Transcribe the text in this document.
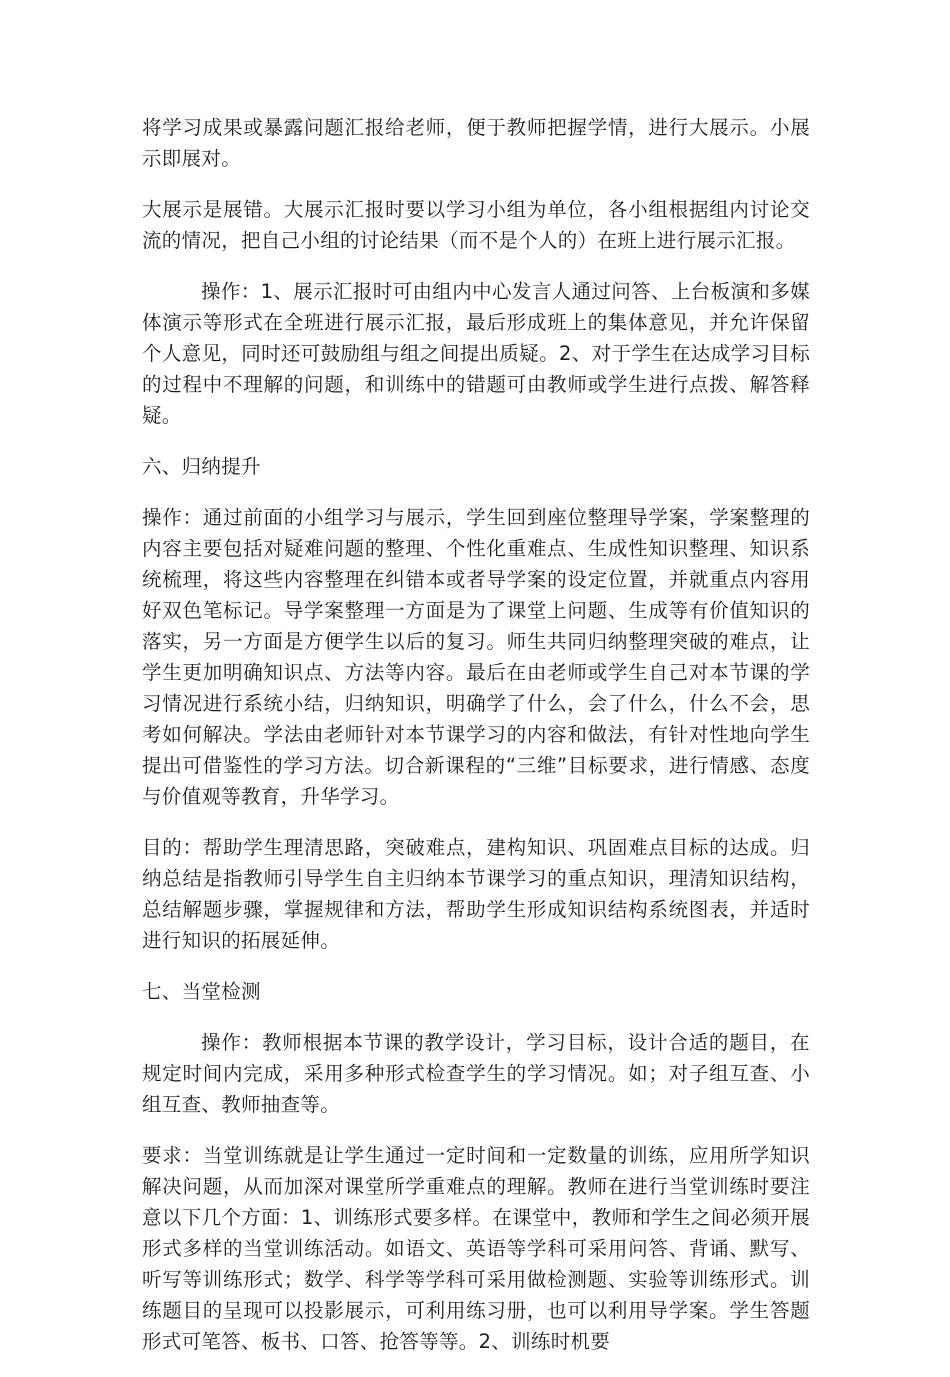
将学习成果或暴露问题汇报给老师，便于教师把握学情，进行大展示。小展示即展对。

大展示是展错。大展示汇报时要以学习小组为单位，各小组根据组内讨论交流的情况，把自己小组的讨论结果（而不是个人的）在班上进行展示汇报。

操作：1、展示汇报时可由组内中心发言人通过问答、上台板演和多媒体演示等形式在全班进行展示汇报，最后形成班上的集体意见，并允许保留个人意见，同时还可鼓励组与组之间提出质疑。2、对于学生在达成学习目标的过程中不理解的问题，和训练中的错题可由教师或学生进行点拨、解答释疑。

六、归纳提升

操作：通过前面的小组学习与展示，学生回到座位整理导学案，学案整理的内容主要包括对疑难问题的整理、个性化重难点、生成性知识整理、知识系统梳理，将这些内容整理在纠错本或者导学案的设定位置，并就重点内容用好双色笔标记。导学案整理一方面是为了课堂上问题、生成等有价值知识的落实，另一方面是方便学生以后的复习。师生共同归纳整理突破的难点，让学生更加明确知识点、方法等内容。最后在由老师或学生自己对本节课的学习情况进行系统小结，归纳知识，明确学了什么，会了什么，什么不会，思考如何解决。学法由老师针对本节课学习的内容和做法，有针对性地向学生提出可借鉴性的学习方法。切合新课程的“三维”目标要求，进行情感、态度与价值观等教育，升华学习。

目的：帮助学生理清思路，突破难点，建构知识、巩固难点目标的达成。归纳总结是指教师引导学生自主归纳本节课学习的重点知识，理清知识结构，总结解题步骤，掌握规律和方法，帮助学生形成知识结构系统图表，并适时进行知识的拓展延伸。

七、当堂检测

操作：教师根据本节课的教学设计，学习目标，设计合适的题目，在规定时间内完成，采用多种形式检查学生的学习情况。如；对子组互查、小组互查、教师抽查等。

要求：当堂训练就是让学生通过一定时间和一定数量的训练，应用所学知识解决问题，从而加深对课堂所学重难点的理解。教师在进行当堂训练时要注意以下几个方面：1、训练形式要多样。在课堂中，教师和学生之间必须开展形式多样的当堂训练活动。如语文、英语等学科可采用问答、背诵、默写、听写等训练形式；数学、科学等学科可采用做检测题、实验等训练形式。训练题目的呈现可以投影展示，可利用练习册，也可以利用导学案。学生答题形式可笔答、板书、口答、抢答等等。2、训练时机要
